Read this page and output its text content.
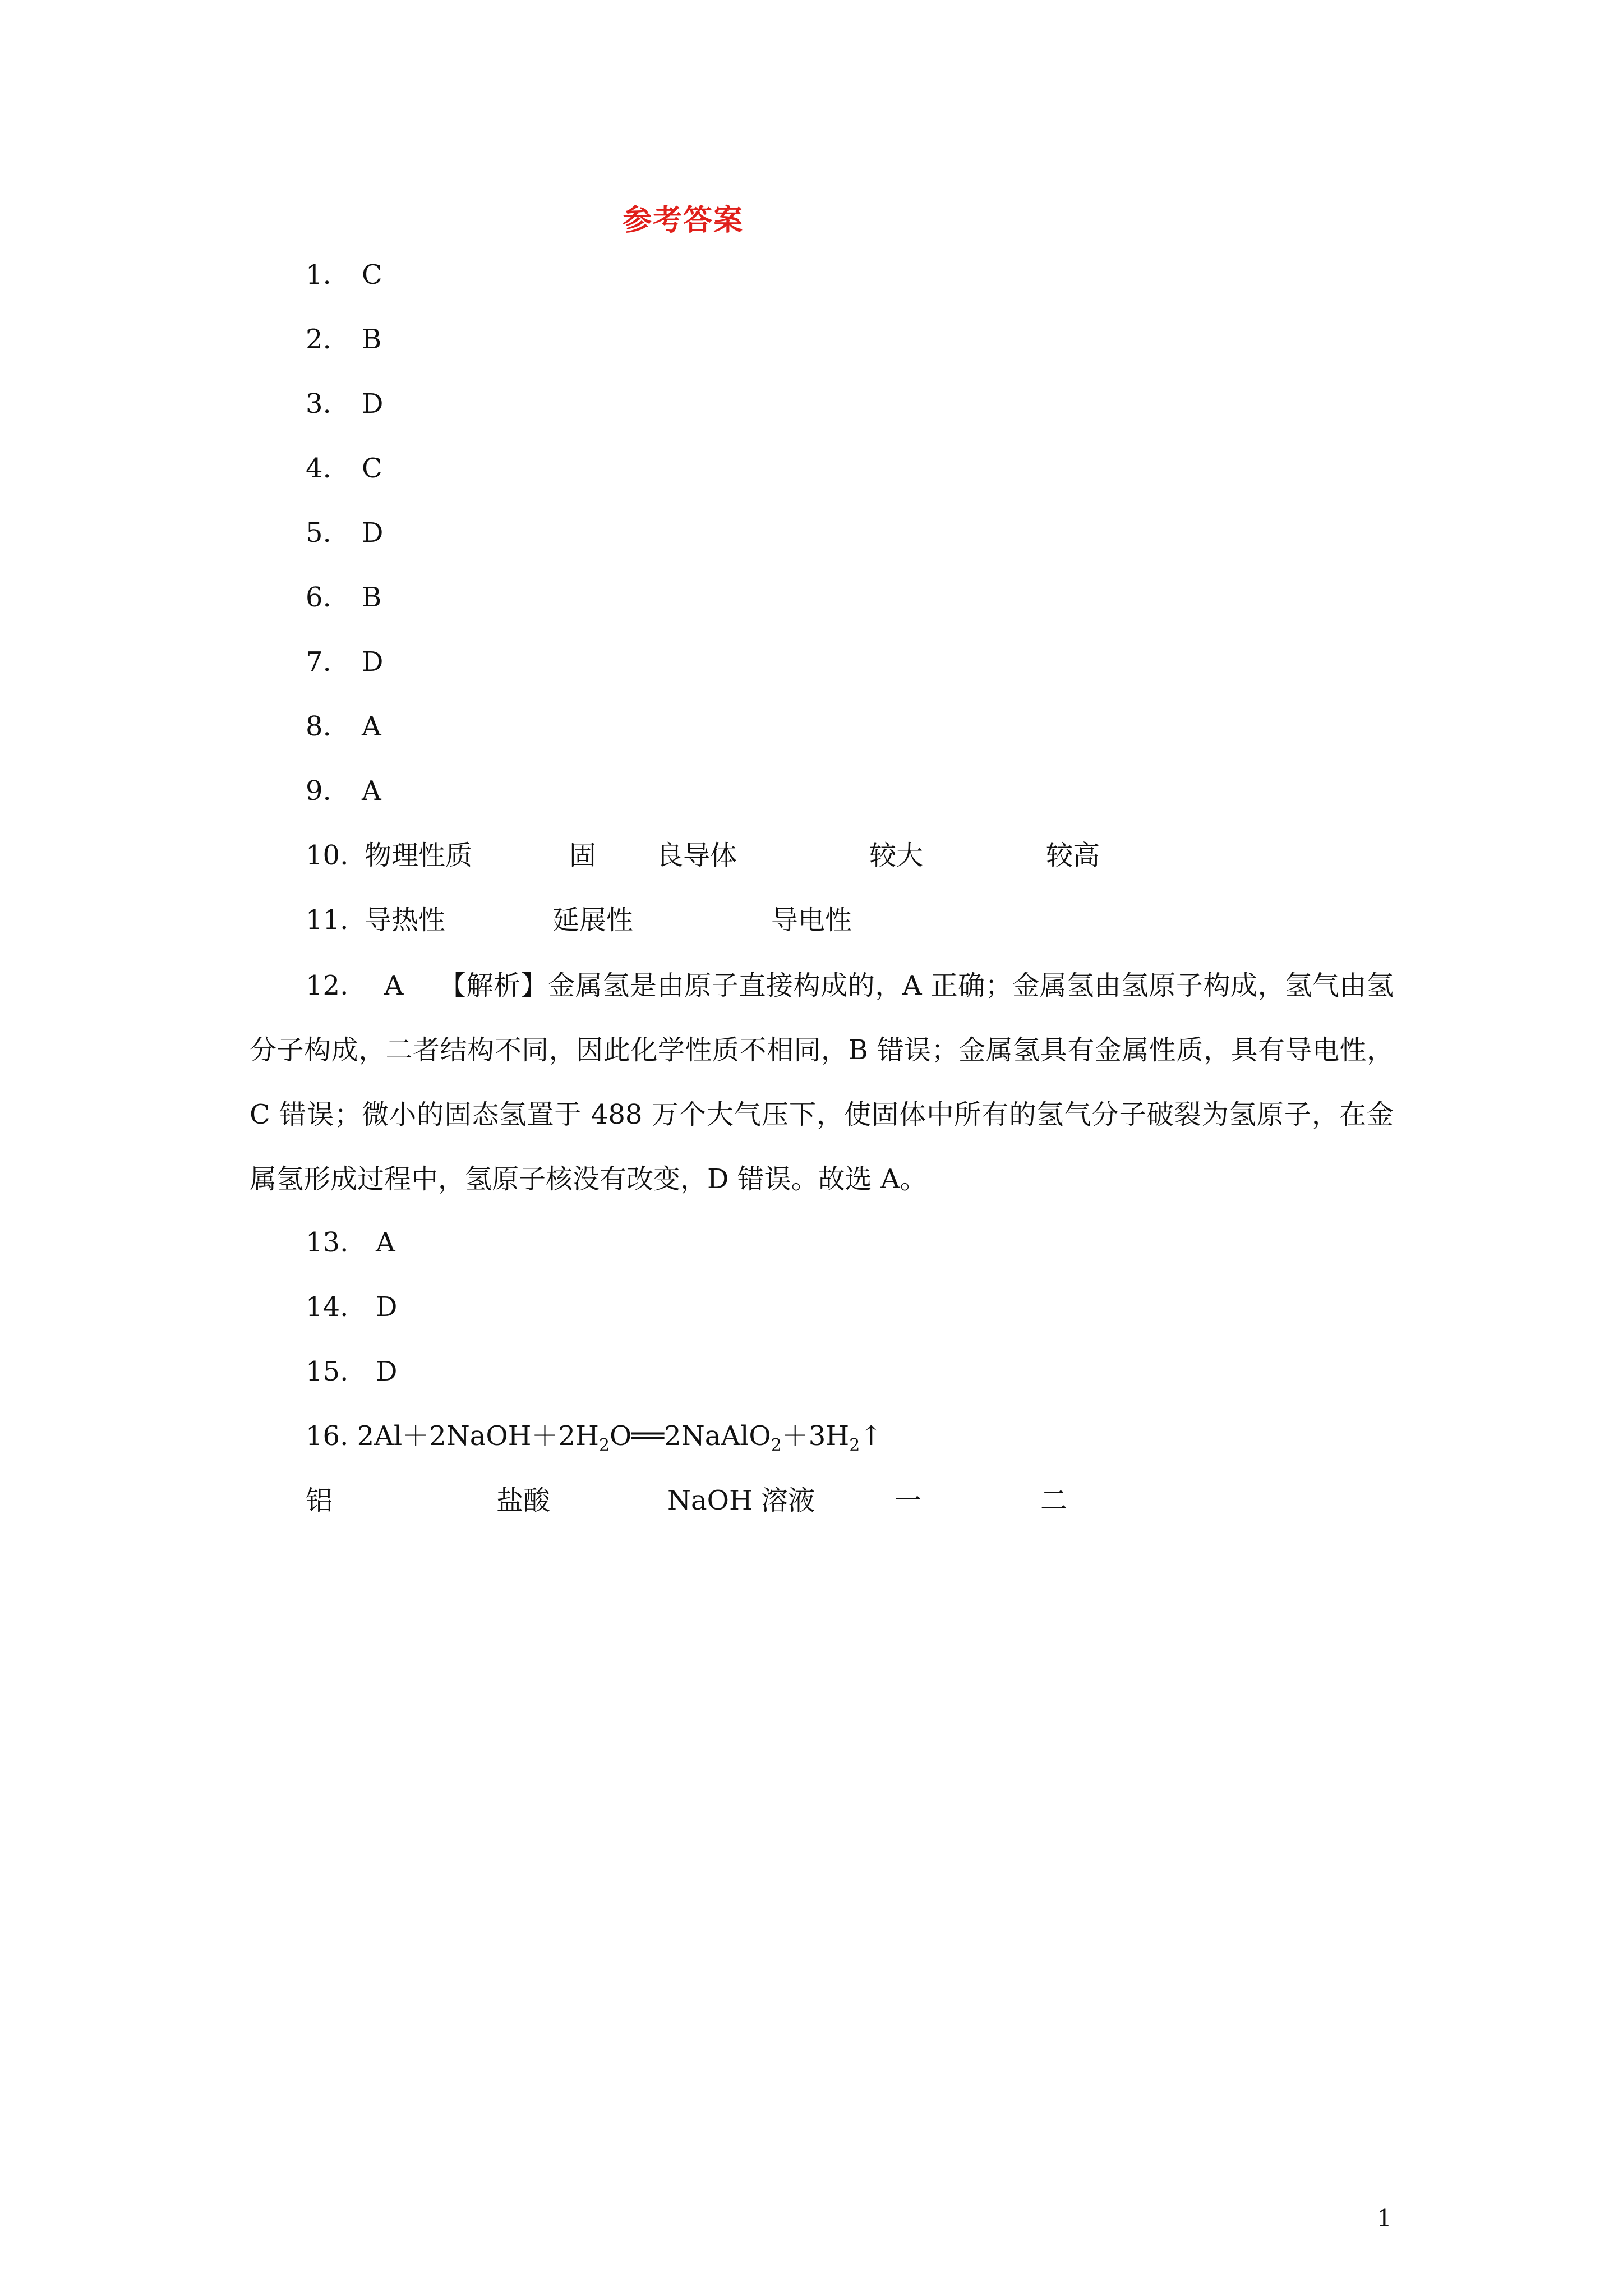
参考答案
1. C
2. B
3. D
4. C
5. D
6. B
7. D
8. A
9. A
10. 物理性质	固 良导体	较大	较高
11. 导热性	延展性	导电性
12. A 【解析】金属氢是由原子直接构成的，A 正确；金属氢由氢原子构成，氢气由氢分子构成，二者结构不同，因此化学性质不相同，B 错误；金属氢具有金属性质，具有导电性，C 错误；微小的固态氢置于 488 万个大气压下，使固体中所有的氢气分子破裂为氢原子，在金属氢形成过程中，氢原子核没有改变，D 错误。故选 A。
13. A
14. D
15. D
16. $2Al+2NaOH+2H_2O══2NaAlO_2+3H_2↑$
铝	盐酸	NaOH 溶液	一	二
1
